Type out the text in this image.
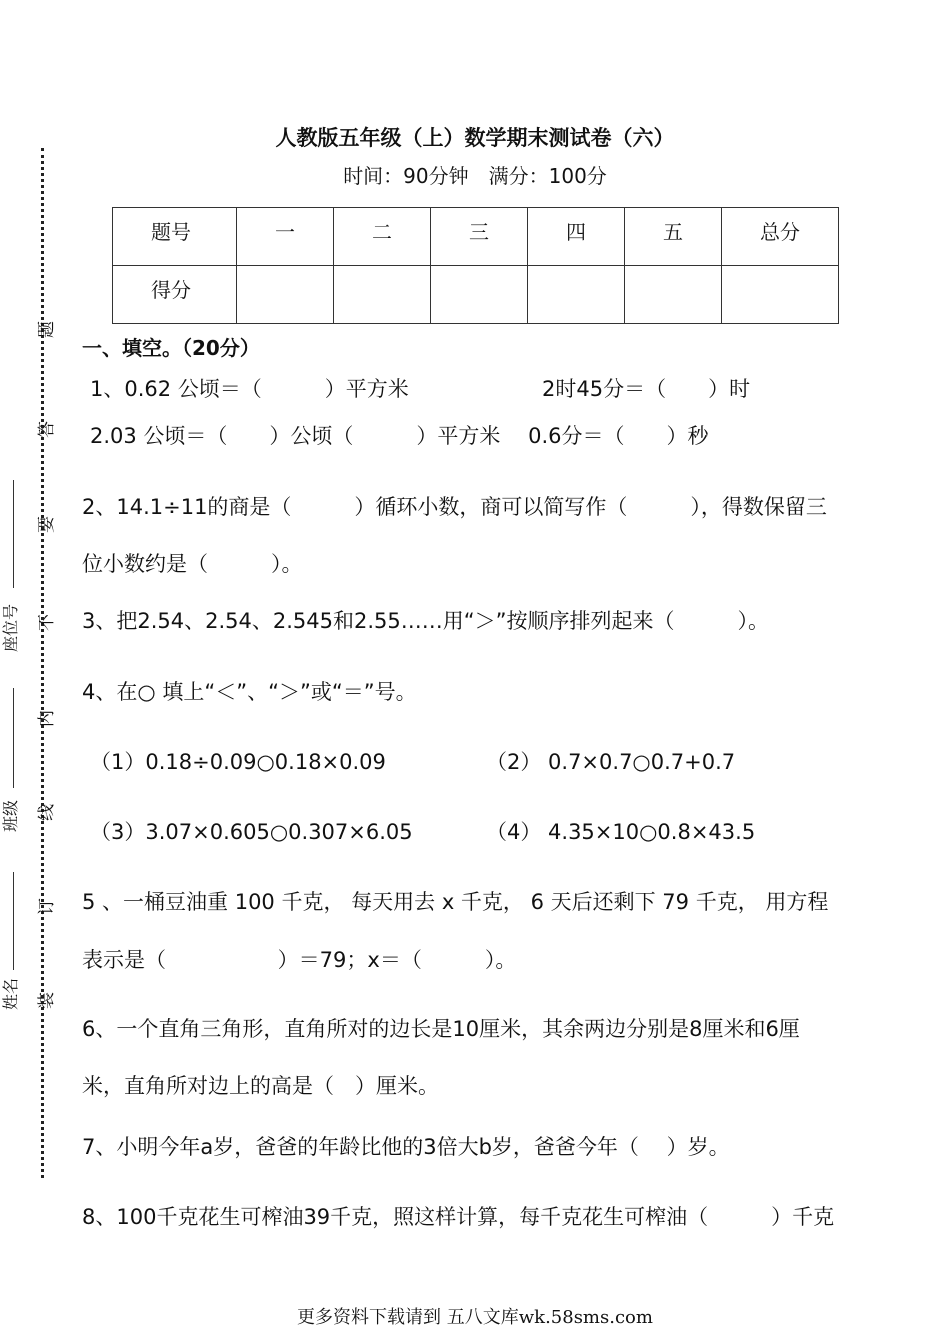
题
答
要
不
内
线
订
装
座位号
班级
姓名
人教版五年级（上）数学期末测试卷（六）
时间：90分钟　满分：100分
题号	一	二	三	四	五	总分
得分						
一、填空。（20分）
1、0.62 公顷＝（　　　）平方米	2时45分＝（　　）时
2.03 公顷＝（　　）公顷（　　　）平方米　 0.6分＝（　　）秒
2、14.1÷11的商是（　　　）循环小数，商可以简写作（　　　），得数保留三
位小数约是（　　　）。
3、把2.54、2.54、2.545和2.55……用“＞”按顺序排列起来（　　　）。
4、在○ 填上“＜”、“＞”或“＝”号。
（1）0.18÷0.09○0.18×0.09	（2） 0.7×0.7○0.7+0.7
（3）3.07×0.605○0.307×6.05	（4） 4.35×10○0.8×43.5
5 、一桶豆油重 100 千克， 每天用去 x 千克， 6 天后还剩下 79 千克， 用方程
表示是（　　　　　 ）＝79；x＝（　　　）。
6、一个直角三角形，直角所对的边长是10厘米，其余两边分别是8厘米和6厘
米，直角所对边上的高是（　）厘米。
7、小明今年a岁，爸爸的年龄比他的3倍大b岁，爸爸今年（　 ）岁。
8、100千克花生可榨油39千克，照这样计算，每千克花生可榨油（　　　）千克
更多资料下载请到 五八文库wk.58sms.com
